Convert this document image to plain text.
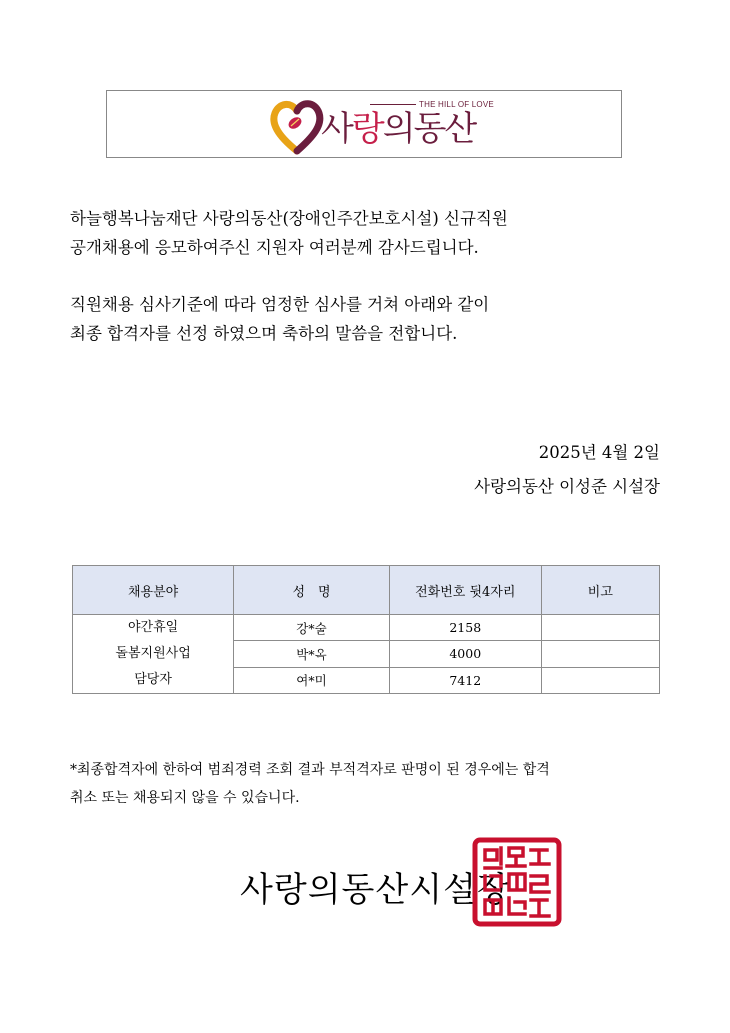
THE HILL OF LOVE
사랑의동산
하늘행복나눔재단 사랑의동산(장애인주간보호시설) 신규직원
공개채용에 응모하여주신 지원자 여러분께 감사드립니다.
직원채용 심사기준에 따라 엄정한 심사를 거쳐 아래와 같이
최종 합격자를 선정 하였으며 축하의 말씀을 전합니다.
2025년 4월 2일
사랑의동산 이성준 시설장
채용분야	성　명	전화번호 뒷4자리	비고

야간휴일
돌봄지원사업
담당자	강*술	2158	
	박*옥	4000	
	여*미	7412	
*최종합격자에 한하여 범죄경력 조회 결과 부적격자로 판명이 된 경우에는 합격
취소 또는 채용되지 않을 수 있습니다.
사랑의동산시설장
